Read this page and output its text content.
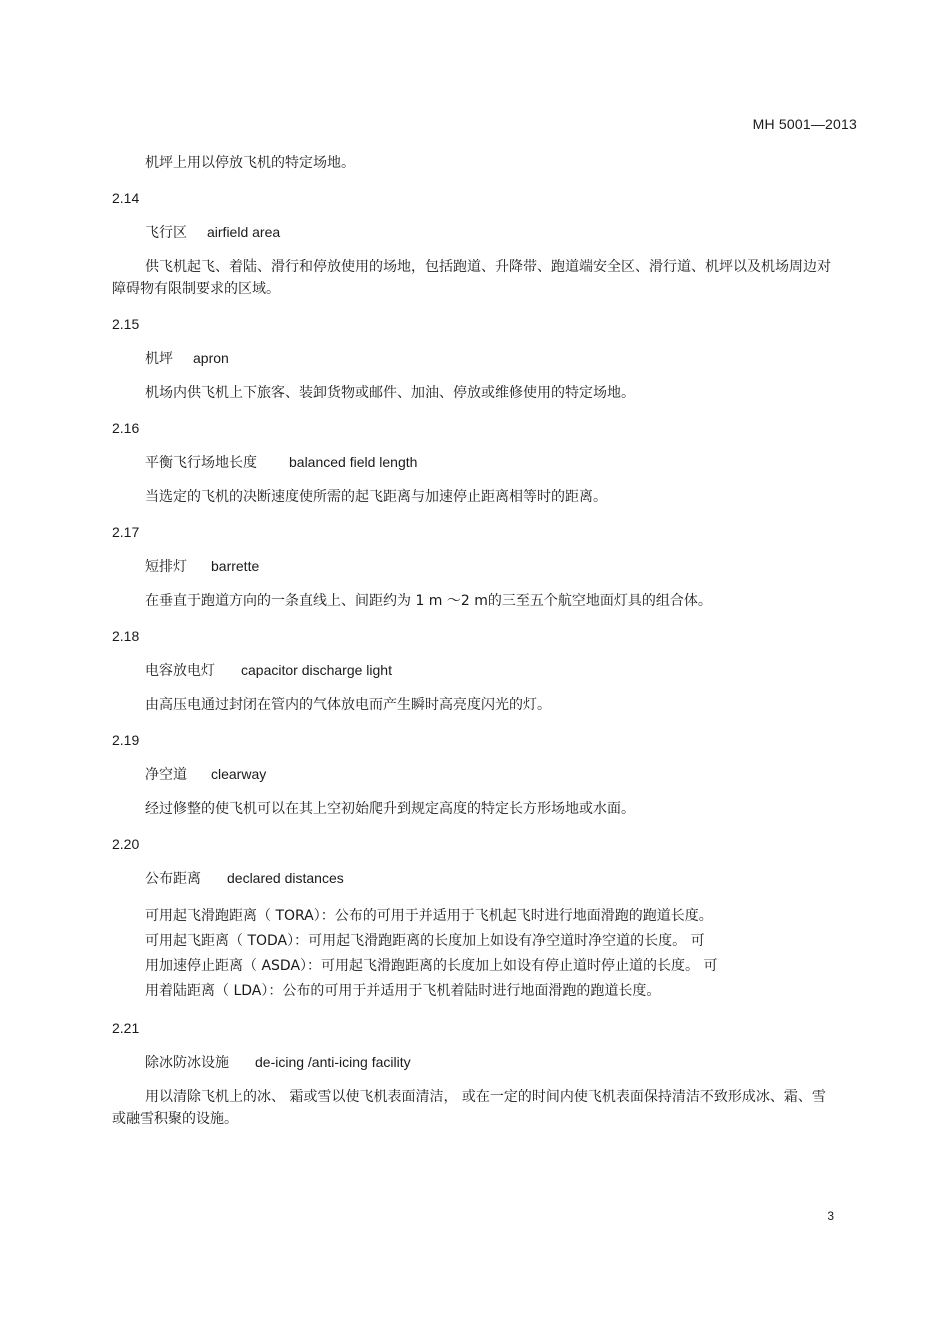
MH 5001—2013

机坪上用以停放飞机的特定场地。

2.14
飞行区 airfield area

供飞机起飞、着陆、滑行和停放使用的场地，包括跑道、升降带、跑道端安全区、滑行道、机坪以及机场周边对障碍物有限制要求的区域。

2.15
机坪 apron

机场内供飞机上下旅客、装卸货物或邮件、加油、停放或维修使用的特定场地。

2.16
平衡飞行场地长度 balanced field length

当选定的飞机的决断速度使所需的起飞距离与加速停止距离相等时的距离。

2.17
短排灯 barrette

在垂直于跑道方向的一条直线上、间距约为 1 m ～2 m的三至五个航空地面灯具的组合体。

2.18
电容放电灯 capacitor discharge light

由高压电通过封闭在管内的气体放电而产生瞬时高亮度闪光的灯。

2.19
净空道 clearway

经过修整的使飞机可以在其上空初始爬升到规定高度的特定长方形场地或水面。

2.20
公布距离 declared distances

可用起飞滑跑距离（ TORA）：公布的可用于并适用于飞机起飞时进行地面滑跑的跑道长度。

可用起飞距离（ TODA）：可用起飞滑跑距离的长度加上如设有净空道时净空道的长度。 可

用加速停止距离（ ASDA）：可用起飞滑跑距离的长度加上如设有停止道时停止道的长度。 可

用着陆距离（ LDA）：公布的可用于并适用于飞机着陆时进行地面滑跑的跑道长度。

2.21
除冰防冰设施 de-icing /anti-icing facility

用以清除飞机上的冰、 霜或雪以使飞机表面清洁， 或在一定的时间内使飞机表面保持清洁不致形成冰、霜、雪或融雪积聚的设施。

3
